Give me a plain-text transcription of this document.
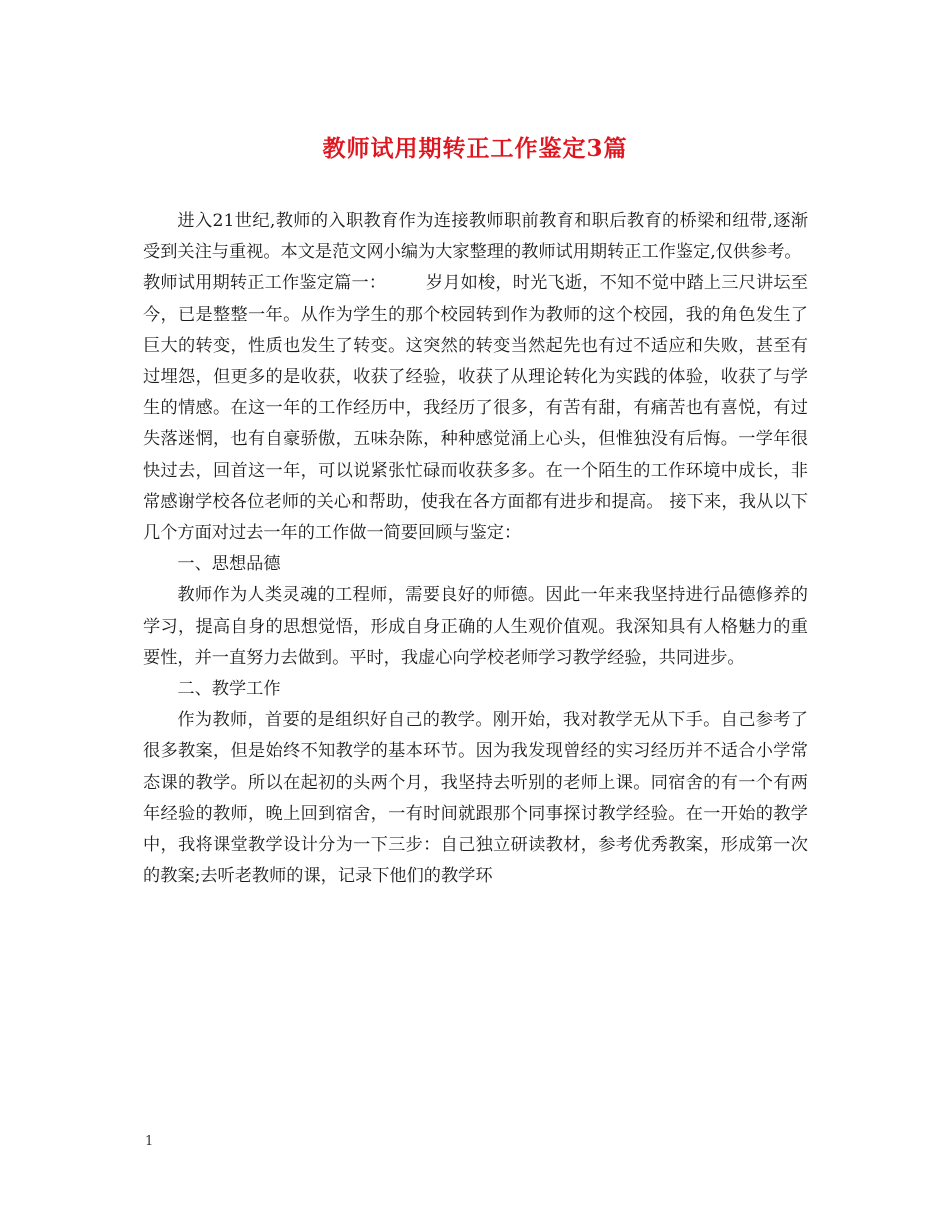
教师试用期转正工作鉴定3篇

进入21世纪,教师的入职教育作为连接教师职前教育和职后教育的桥梁和纽带,逐渐受到关注与重视。本文是范文网小编为大家整理的教师试用期转正工作鉴定,仅供参考。

教师试用期转正工作鉴定篇一： 岁月如梭，时光飞逝，不知不觉中踏上三尺讲坛至今，已是整整一年。从作为学生的那个校园转到作为教师的这个校园，我的角色发生了巨大的转变，性质也发生了转变。这突然的转变当然起先也有过不适应和失败，甚至有过埋怨，但更多的是收获，收获了经验，收获了从理论转化为实践的体验，收获了与学生的情感。在这一年的工作经历中，我经历了很多，有苦有甜，有痛苦也有喜悦，有过失落迷惘，也有自豪骄傲，五味杂陈，种种感觉涌上心头，但惟独没有后悔。一学年很快过去，回首这一年，可以说紧张忙碌而收获多多。在一个陌生的工作环境中成长，非常感谢学校各位老师的关心和帮助，使我在各方面都有进步和提高。 接下来，我从以下几个方面对过去一年的工作做一简要回顾与鉴定：

一、思想品德

教师作为人类灵魂的工程师，需要良好的师德。因此一年来我坚持进行品德修养的学习，提高自身的思想觉悟，形成自身正确的人生观价值观。我深知具有人格魅力的重要性，并一直努力去做到。平时，我虚心向学校老师学习教学经验，共同进步。

二、教学工作

作为教师，首要的是组织好自己的教学。刚开始，我对教学无从下手。自己参考了很多教案，但是始终不知教学的基本环节。因为我发现曾经的实习经历并不适合小学常态课的教学。所以在起初的头两个月，我坚持去听别的老师上课。同宿舍的有一个有两年经验的教师，晚上回到宿舍，一有时间就跟那个同事探讨教学经验。在一开始的教学中，我将课堂教学设计分为一下三步：自己独立研读教材，参考优秀教案，形成第一次的教案;去听老教师的课，记录下他们的教学环

1
